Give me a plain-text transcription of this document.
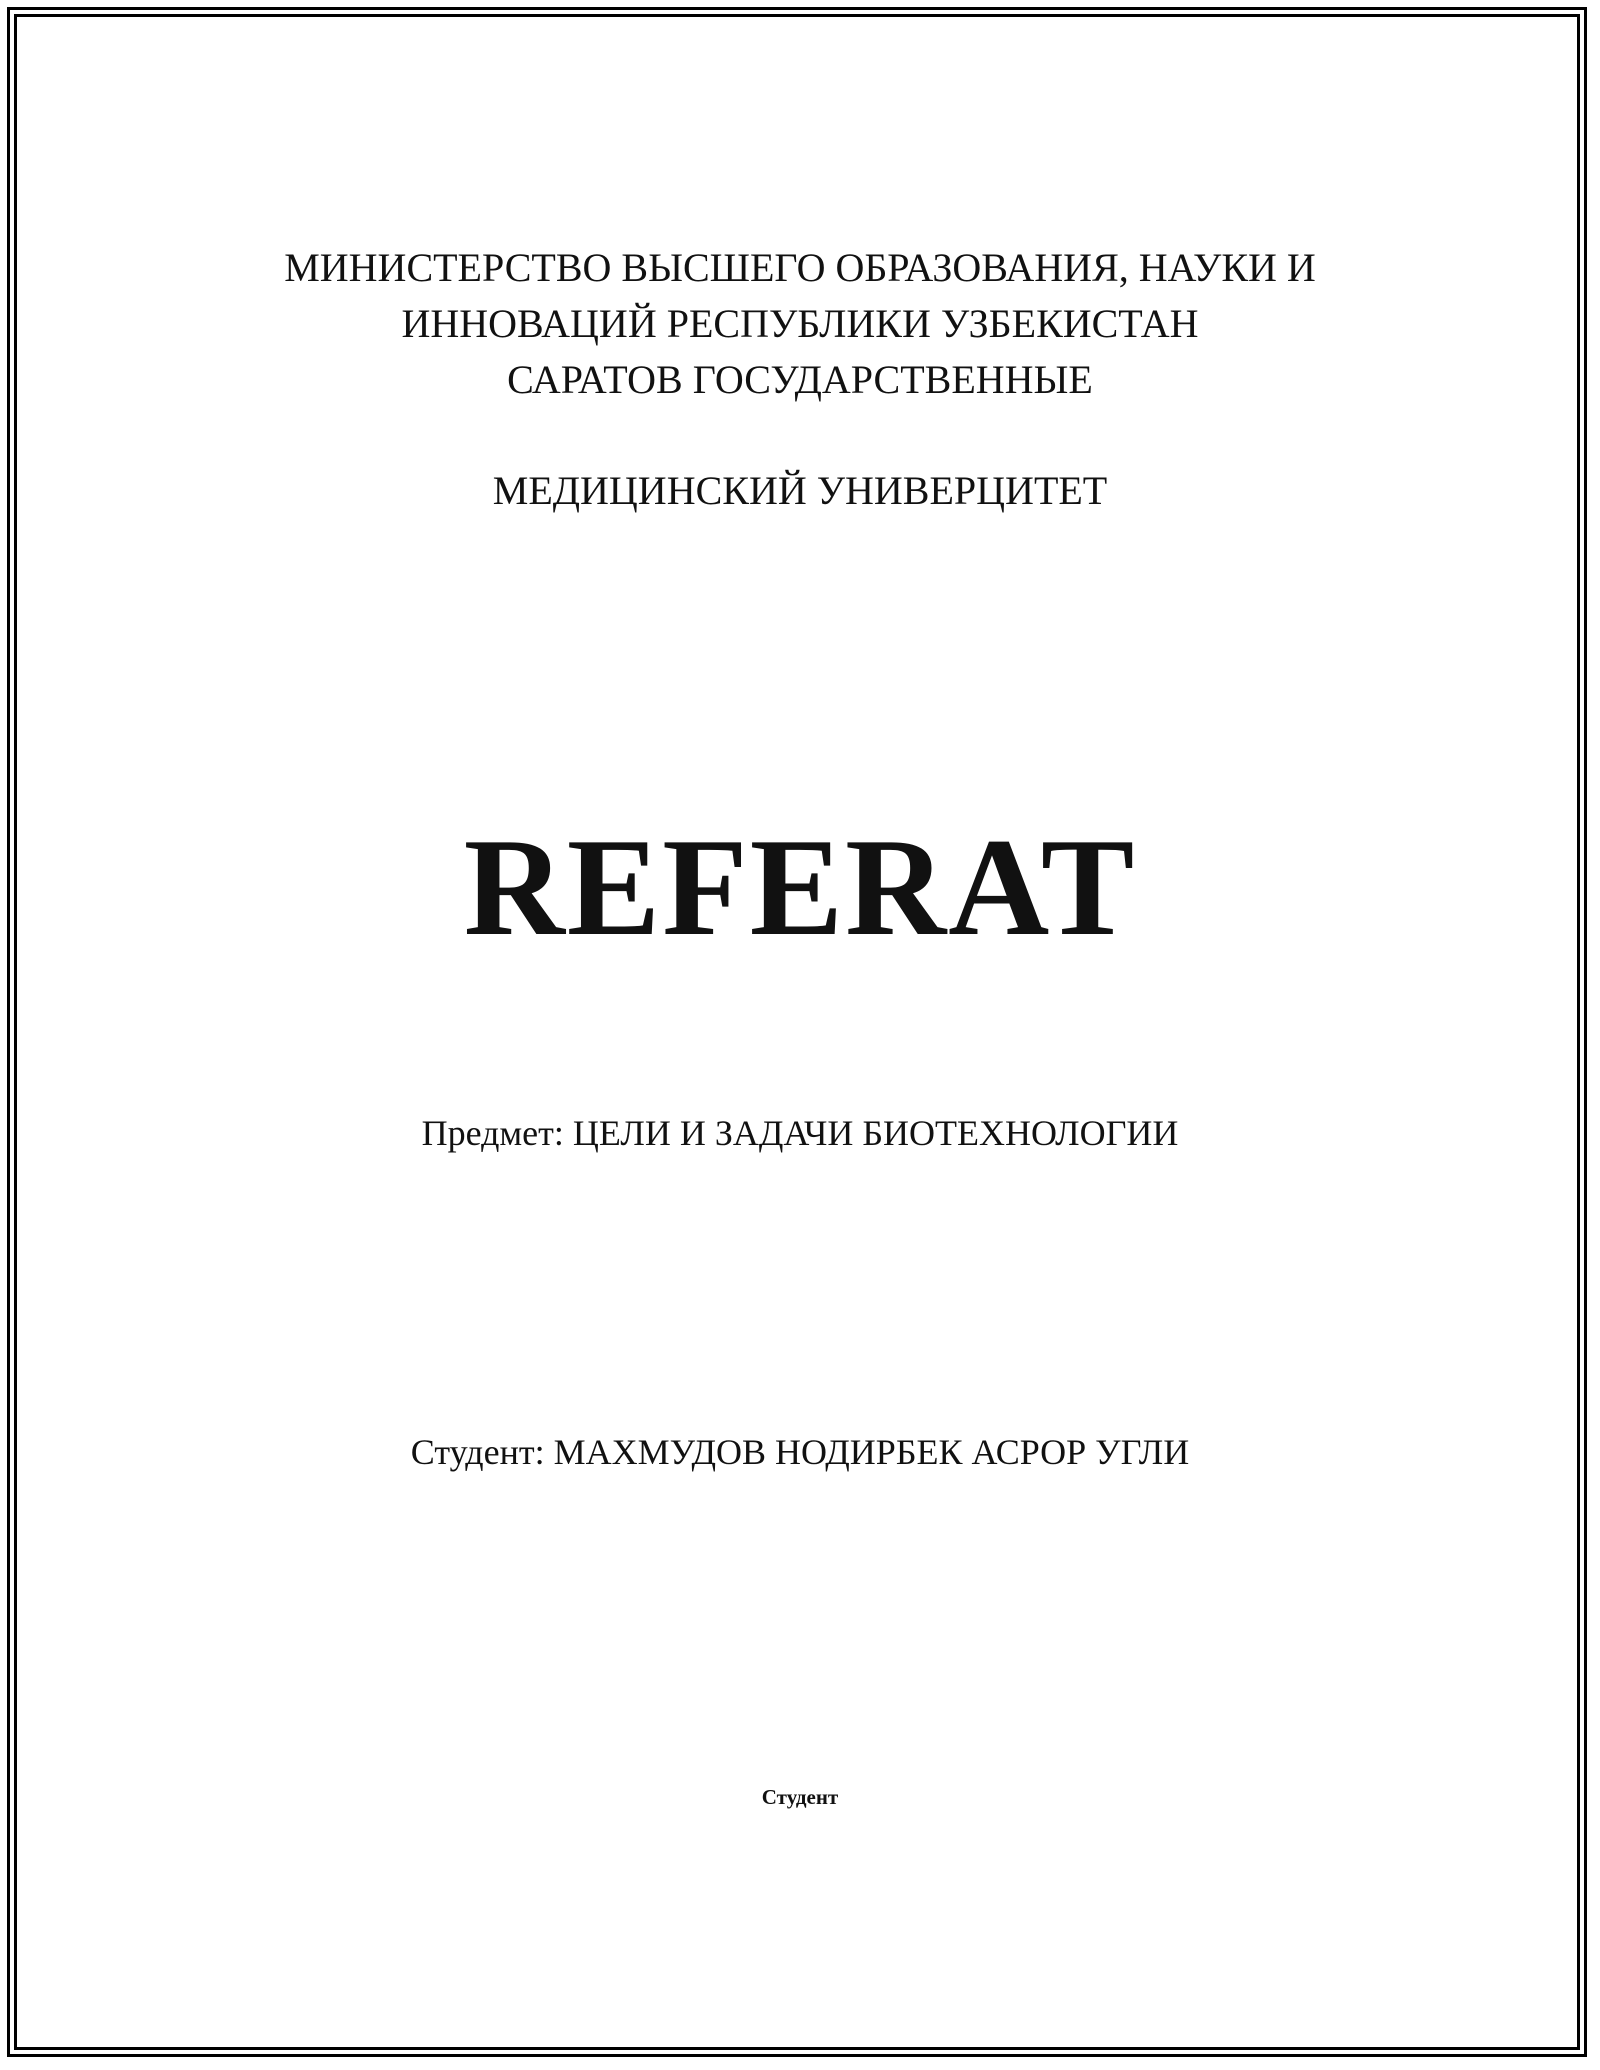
МИНИСТЕРСТВО ВЫСШЕГО ОБРАЗОВАНИЯ, НАУКИ И
ИННОВАЦИЙ РЕСПУБЛИКИ УЗБЕКИСТАН
САРАТОВ ГОСУДАРСТВЕННЫЕ
МЕДИЦИНСКИЙ УНИВЕРЦИТЕТ
REFERAT
Предмет: ЦЕЛИ И ЗАДАЧИ БИОТЕХНОЛОГИИ
Студент: МАХМУДОВ НОДИРБЕК АСРОР УГЛИ
Студент
